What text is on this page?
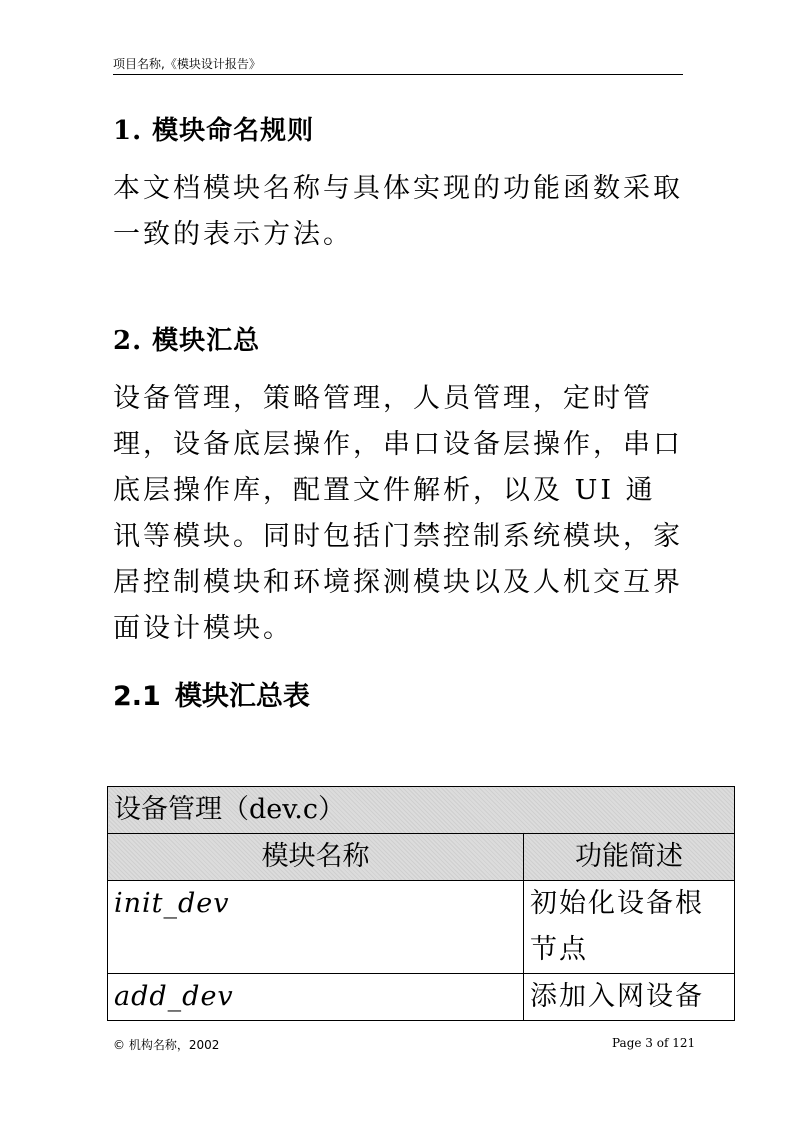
项目名称,《模块设计报告》
1. 模块命名规则

本文档模块名称与具体实现的功能函数采取一致的表示方法。

2. 模块汇总

设备管理，策略管理，人员管理，定时管理，设备底层操作，串口设备层操作，串口底层操作库，配置文件解析，以及 UI 通讯等模块。同时包括门禁控制系统模块，家居控制模块和环境探测模块以及人机交互界面设计模块。

2.1 模块汇总表
设备管理（dev.c）	
模块名称	功能简述
init_dev	初始化设备根节点
add_dev	添加入网设备
© 机构名称，2002	Page 3 of 121
